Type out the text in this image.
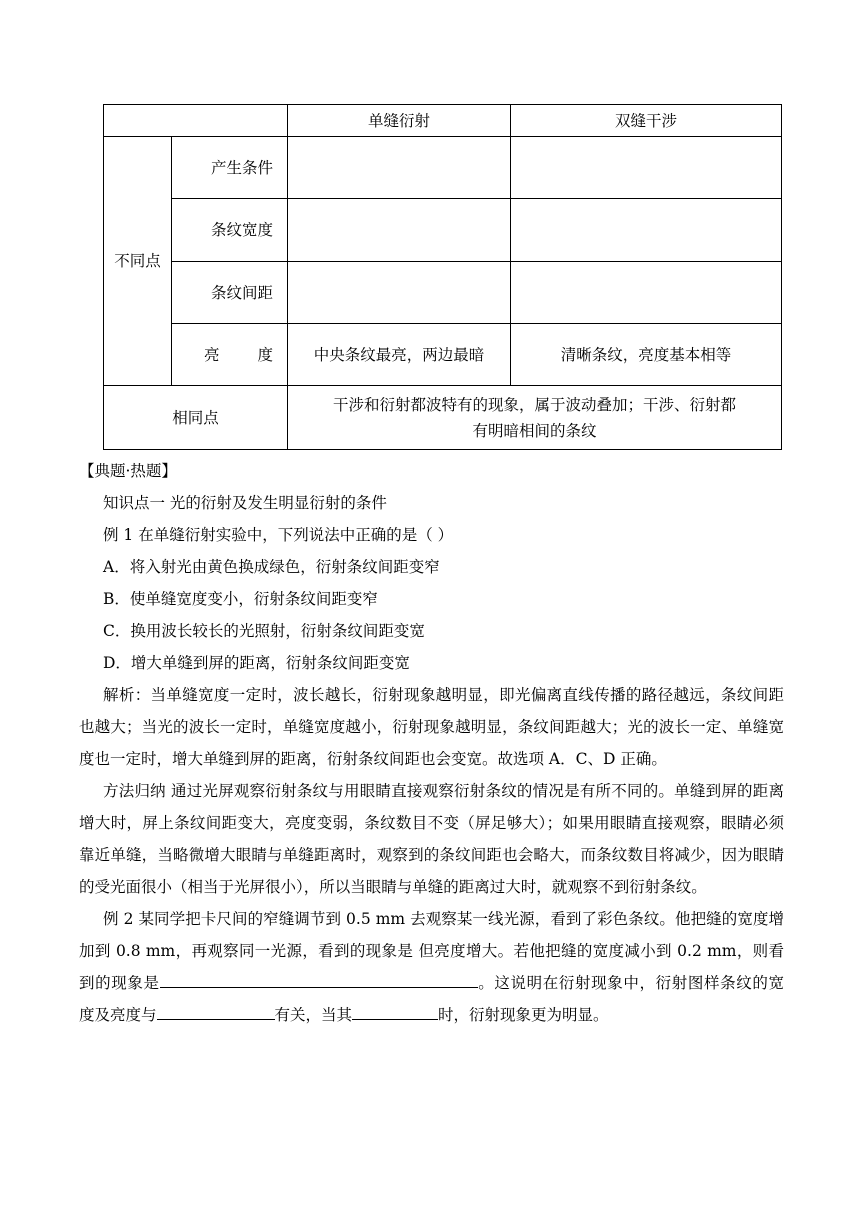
		单缝衍射	双缝干涉
不同点	产生条件		
	条纹宽度		
	条纹间距		
	亮 度	中央条纹最亮，两边最暗	清晰条纹，亮度基本相等
相同点		干涉和衍射都波特有的现象，属于波动叠加；干涉、衍射都
有明暗相间的条纹	

【典题·热题】

知识点一 光的衍射及发生明显衍射的条件

例 1 在单缝衍射实验中，下列说法中正确的是（ ）

A．将入射光由黄色换成绿色，衍射条纹间距变窄

B．使单缝宽度变小，衍射条纹间距变窄

C．换用波长较长的光照射，衍射条纹间距变宽

D．增大单缝到屏的距离，衍射条纹间距变宽

解析：当单缝宽度一定时，波长越长，衍射现象越明显，即光偏离直线传播的路径越远，条纹间距也越大；当光的波长一定时，单缝宽度越小，衍射现象越明显，条纹间距越大；光的波长一定、单缝宽度也一定时，增大单缝到屏的距离，衍射条纹间距也会变宽。故选项 A．C、D 正确。

方法归纳 通过光屏观察衍射条纹与用眼睛直接观察衍射条纹的情况是有所不同的。单缝到屏的距离增大时，屏上条纹间距变大，亮度变弱，条纹数目不变（屏足够大）；如果用眼睛直接观察，眼睛必须靠近单缝，当略微增大眼睛与单缝距离时，观察到的条纹间距也会略大，而条纹数目将减少，因为眼睛的受光面很小（相当于光屏很小），所以当眼睛与单缝的距离过大时，就观察不到衍射条纹。

例 2 某同学把卡尺间的窄缝调节到 0.5 mm 去观察某一线光源，看到了彩色条纹。他把缝的宽度增加到 0.8 mm，再观察同一光源，看到的现象是 但亮度增大。若他把缝的宽度减小到 0.2 mm，则看到的现象是	。这说明在衍射现象中，衍射图样条纹的宽度及亮度与	有关，当其	时，衍射现象更为明显。
